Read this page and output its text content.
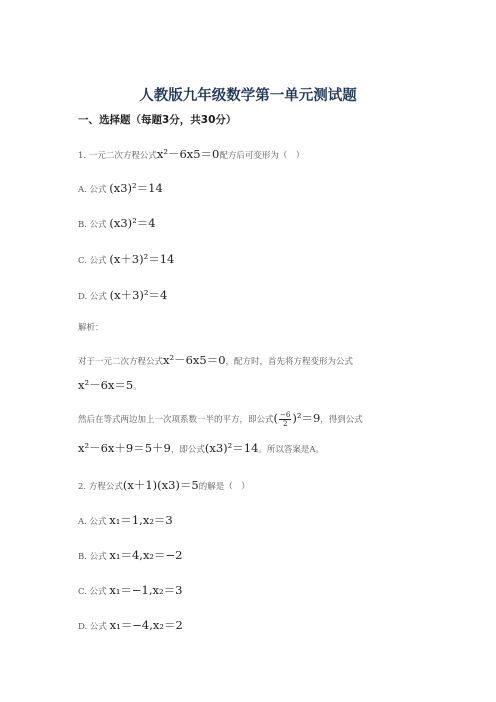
人教版九年级数学第一单元测试题
一、选择题（每题3分，共30分）
1. 一元二次方程公式x²－6x5＝0配方后可变形为（　）
A. 公式 (x3)²＝14
B. 公式 (x3)²＝4
C. 公式 (x＋3)²＝14
D. 公式 (x＋3)²＝4
解析：
对于一元二次方程公式x²－6x5＝0，配方时，首先将方程变形为公式
x²－6x＝5。
然后在等式两边加上一次项系数一半的平方，即公式( $\frac{-6}{2} )^2=9$，得到公式
x²－6x＋9＝5＋9，即公式(x3)²＝14。所以答案是A。
2. 方程公式(x＋1)(x3)＝5的解是（　）
A. 公式 x₁＝1,x₂＝3
B. 公式 x₁＝4,x₂＝−2
C. 公式 x₁＝−1,x₂＝3
D. 公式 x₁＝−4,x₂＝2
